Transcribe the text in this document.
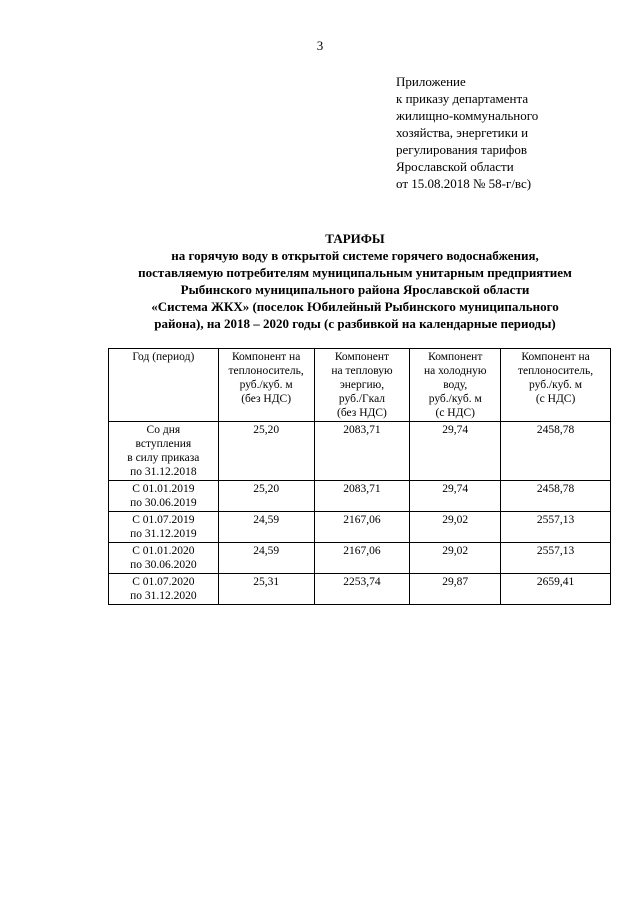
3
Приложение
к приказу департамента
жилищно-коммунального
хозяйства, энергетики и
регулирования тарифов
Ярославской области
от 15.08.2018 № 58-г/вс)
ТАРИФЫ
на горячую воду в открытой системе горячего водоснабжения,
поставляемую потребителям муниципальным унитарным предприятием
Рыбинского муниципального района Ярославской области
«Система ЖКХ» (поселок Юбилейный Рыбинского муниципального
района), на 2018 – 2020 годы (с разбивкой на календарные периоды)
Год (период)	Компонент на
теплоноситель,
руб./куб. м
(без НДС)	Компонент
на тепловую
энергию,
руб./Гкал
(без НДС)	Компонент
на холодную
воду,
руб./куб. м
(с НДС)	Компонент на
теплоноситель,
руб./куб. м
(с НДС)

Со дня
вступления
в силу приказа
по 31.12.2018	25,20	2083,71	29,74	2458,78

С 01.01.2019
по 30.06.2019	25,20	2083,71	29,74	2458,78

С 01.07.2019
по 31.12.2019	24,59	2167,06	29,02	2557,13

С 01.01.2020
по 30.06.2020	24,59	2167,06	29,02	2557,13

С 01.07.2020
по 31.12.2020	25,31	2253,74	29,87	2659,41
